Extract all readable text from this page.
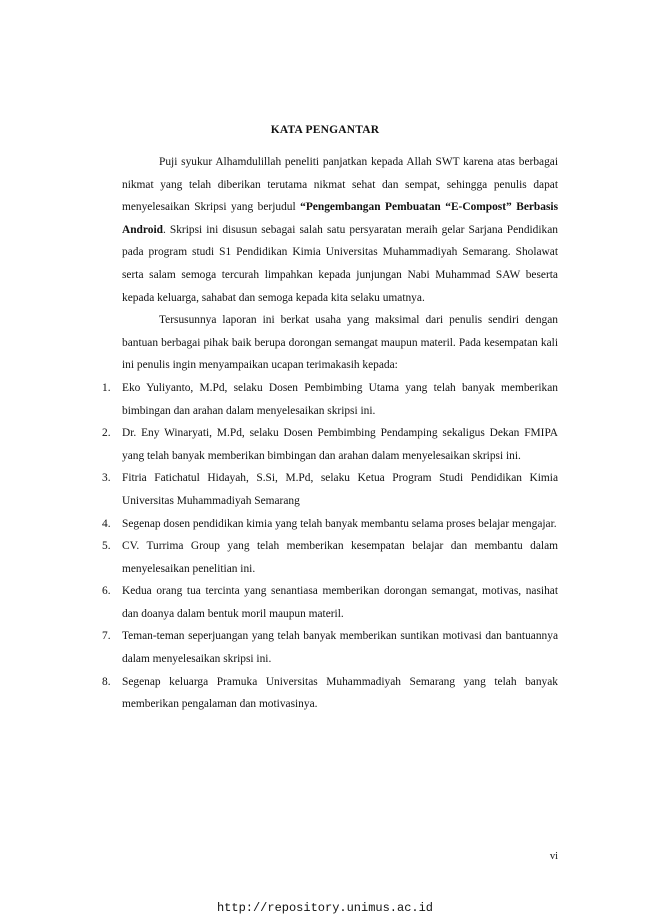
KATA PENGANTAR

Puji syukur Alhamdulillah peneliti panjatkan kepada Allah SWT karena atas berbagai nikmat yang telah diberikan terutama nikmat sehat dan sempat, sehingga penulis dapat menyelesaikan Skripsi yang berjudul “Pengembangan Pembuatan “E-Compost” Berbasis Android. Skripsi ini disusun sebagai salah satu persyaratan meraih gelar Sarjana Pendidikan pada program studi S1 Pendidikan Kimia Universitas Muhammadiyah Semarang. Sholawat serta salam semoga tercurah limpahkan kepada junjungan Nabi Muhammad SAW beserta kepada keluarga, sahabat dan semoga kepada kita selaku umatnya.

Tersusunnya laporan ini berkat usaha yang maksimal dari penulis sendiri dengan bantuan berbagai pihak baik berupa dorongan semangat maupun materil. Pada kesempatan kali ini penulis ingin menyampaikan ucapan terimakasih kepada:

1. Eko Yuliyanto, M.Pd, selaku Dosen Pembimbing Utama yang telah banyak memberikan bimbingan dan arahan dalam menyelesaikan skripsi ini.
2. Dr. Eny Winaryati, M.Pd, selaku Dosen Pembimbing Pendamping sekaligus Dekan FMIPA yang telah banyak memberikan bimbingan dan arahan dalam menyelesaikan skripsi ini.
3. Fitria Fatichatul Hidayah, S.Si, M.Pd, selaku Ketua Program Studi Pendidikan Kimia Universitas Muhammadiyah Semarang
4. Segenap dosen pendidikan kimia yang telah banyak membantu selama proses belajar mengajar.
5. CV. Turrima Group yang telah memberikan kesempatan belajar dan membantu dalam menyelesaikan penelitian ini.
6. Kedua orang tua tercinta yang senantiasa memberikan dorongan semangat, motivas, nasihat dan doanya dalam bentuk moril maupun materil.
7. Teman-teman seperjuangan yang telah banyak memberikan suntikan motivasi dan bantuannya dalam menyelesaikan skripsi ini.
8. Segenap keluarga Pramuka Universitas Muhammadiyah Semarang yang telah banyak memberikan pengalaman dan motivasinya.
vi
http://repository.unimus.ac.id
